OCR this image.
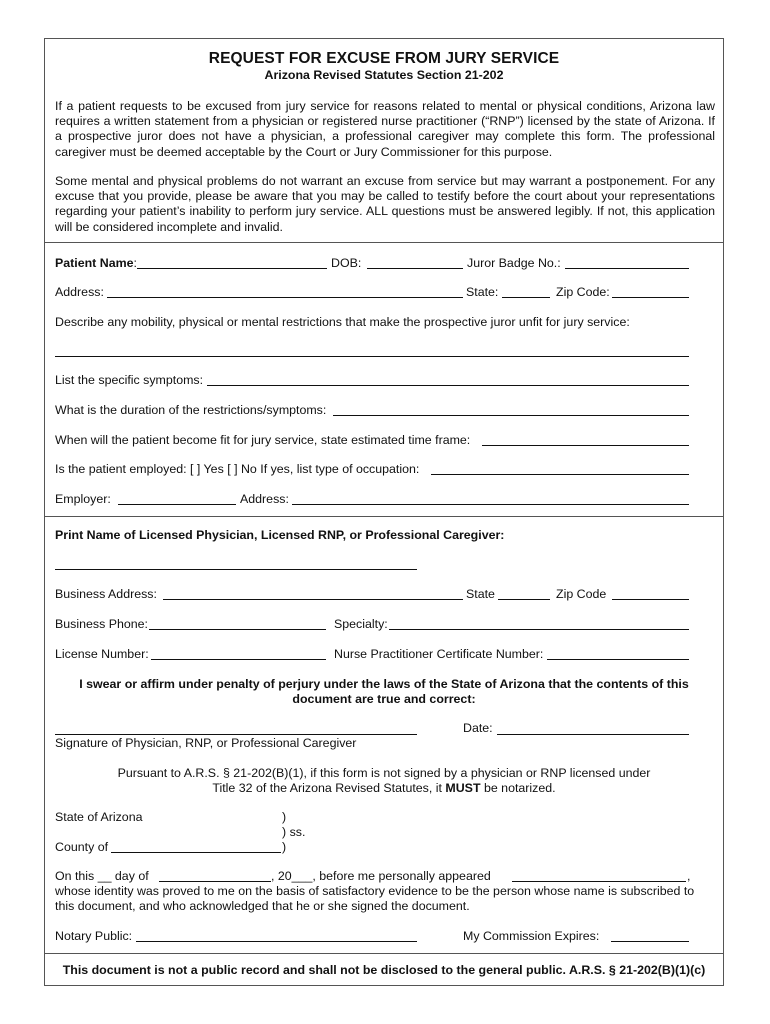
REQUEST FOR EXCUSE FROM JURY SERVICE
Arizona Revised Statutes Section 21-202
If a patient requests to be excused from jury service for reasons related to mental or physical conditions, Arizona law requires a written statement from a physician or registered nurse practitioner (“RNP”) licensed by the state of Arizona. If a prospective juror does not have a physician, a professional caregiver may complete this form. The professional caregiver must be deemed acceptable by the Court or Jury Commissioner for this purpose.
Some mental and physical problems do not warrant an excuse from service but may warrant a postponement. For any excuse that you provide, please be aware that you may be called to testify before the court about your representations regarding your patient’s inability to perform jury service. ALL questions must be answered legibly. If not, this application will be considered incomplete and invalid.
Patient Name:	DOB:	Juror Badge No.:
Address:	State:	Zip Code:
Describe any mobility, physical or mental restrictions that make the prospective juror unfit for jury service:
List the specific symptoms:
What is the duration of the restrictions/symptoms:
When will the patient become fit for jury service, state estimated time frame:
Is the patient employed: [ ] Yes [ ] No If yes, list type of occupation:
Employer:	Address:
Print Name of Licensed Physician, Licensed RNP, or Professional Caregiver:
Business Address:	State	Zip Code
Business Phone:	Specialty:
License Number:	Nurse Practitioner Certificate Number:
I swear or affirm under penalty of perjury under the laws of the State of Arizona that the contents of this
document are true and correct:
Date:
Signature of Physician, RNP, or Professional Caregiver
Pursuant to A.R.S. § 21-202(B)(1), if this form is not signed by a physician or RNP licensed under
Title 32 of the Arizona Revised Statutes, it MUST be notarized.
State of Arizona	)
) ss.
County of	)
On this __ day of	, 20___, before me personally appeared	,
whose identity was proved to me on the basis of satisfactory evidence to be the person whose name is subscribed to
this document, and who acknowledged that he or she signed the document.
Notary Public:	My Commission Expires:
This document is not a public record and shall not be disclosed to the general public. A.R.S. § 21-202(B)(1)(c)
